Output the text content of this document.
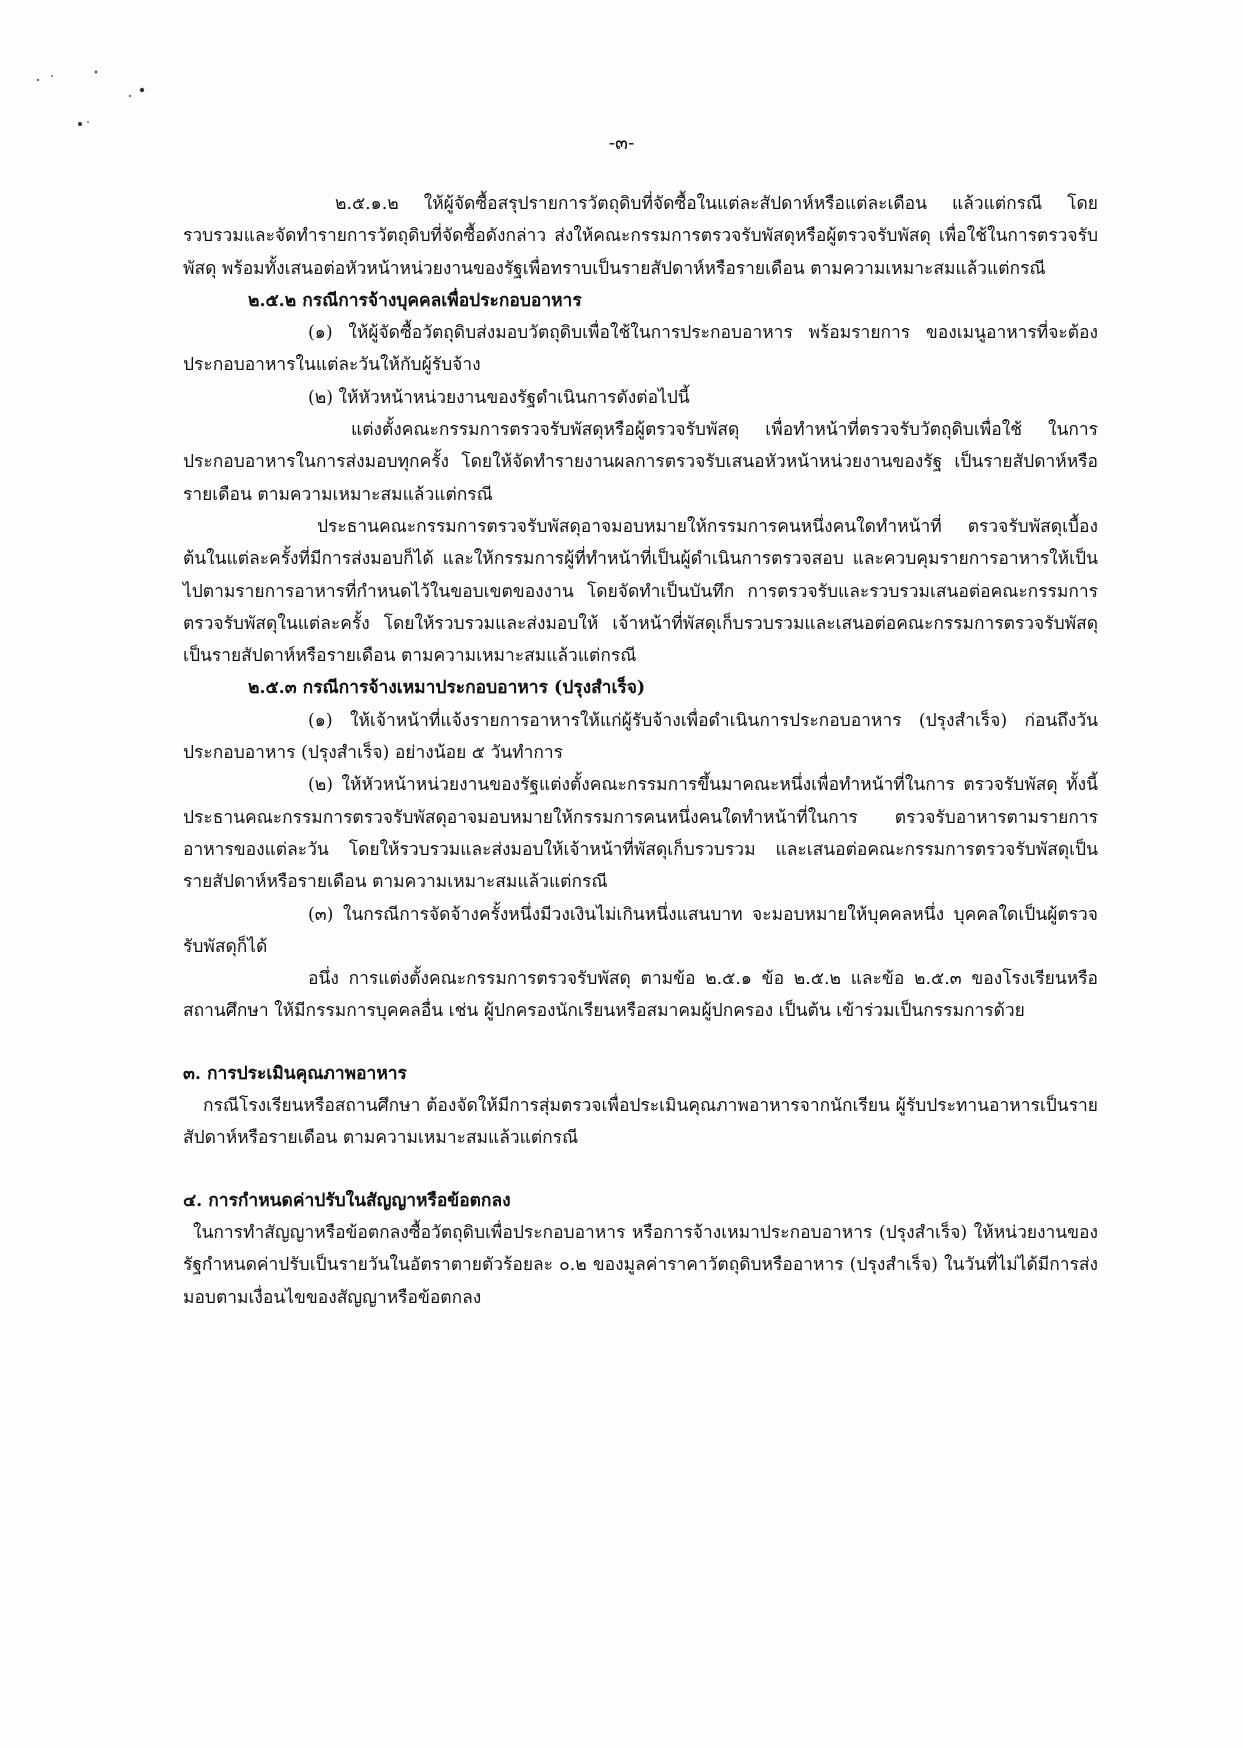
-๓-

๒.๕.๑.๒ ให้ผู้จัดซื้อสรุปรายการวัตถุดิบที่จัดซื้อในแต่ละสัปดาห์หรือแต่ละเดือน แล้วแต่กรณี โดยรวบรวมและจัดทำรายการวัตถุดิบที่จัดซื้อดังกล่าว ส่งให้คณะกรรมการตรวจรับพัสดุหรือผู้ตรวจรับพัสดุ เพื่อใช้ในการตรวจรับพัสดุ พร้อมทั้งเสนอต่อหัวหน้าหน่วยงานของรัฐเพื่อทราบเป็นรายสัปดาห์หรือรายเดือน ตามความเหมาะสมแล้วแต่กรณี

๒.๕.๒ กรณีการจ้างบุคคลเพื่อประกอบอาหาร

(๑) ให้ผู้จัดซื้อวัตถุดิบส่งมอบวัตถุดิบเพื่อใช้ในการประกอบอาหาร พร้อมรายการ ของเมนูอาหารที่จะต้องประกอบอาหารในแต่ละวันให้กับผู้รับจ้าง

(๒) ให้หัวหน้าหน่วยงานของรัฐดำเนินการดังต่อไปนี้

แต่งตั้งคณะกรรมการตรวจรับพัสดุหรือผู้ตรวจรับพัสดุ เพื่อทำหน้าที่ตรวจรับวัตถุดิบเพื่อใช้ ในการประกอบอาหารในการส่งมอบทุกครั้ง โดยให้จัดทำรายงานผลการตรวจรับเสนอหัวหน้าหน่วยงานของรัฐ เป็นรายสัปดาห์หรือรายเดือน ตามความเหมาะสมแล้วแต่กรณี

ประธานคณะกรรมการตรวจรับพัสดุอาจมอบหมายให้กรรมการคนหนึ่งคนใดทำหน้าที่ ตรวจรับพัสดุเบื้องต้นในแต่ละครั้งที่มีการส่งมอบก็ได้ และให้กรรมการผู้ที่ทำหน้าที่เป็นผู้ดำเนินการตรวจสอบ และควบคุมรายการอาหารให้เป็นไปตามรายการอาหารที่กำหนดไว้ในขอบเขตของงาน โดยจัดทำเป็นบันทึก การตรวจรับและรวบรวมเสนอต่อคณะกรรมการตรวจรับพัสดุในแต่ละครั้ง โดยให้รวบรวมและส่งมอบให้ เจ้าหน้าที่พัสดุเก็บรวบรวมและเสนอต่อคณะกรรมการตรวจรับพัสดุเป็นรายสัปดาห์หรือรายเดือน ตามความเหมาะสมแล้วแต่กรณี

๒.๕.๓ กรณีการจ้างเหมาประกอบอาหาร (ปรุงสำเร็จ)

(๑) ให้เจ้าหน้าที่แจ้งรายการอาหารให้แก่ผู้รับจ้างเพื่อดำเนินการประกอบอาหาร (ปรุงสำเร็จ) ก่อนถึงวันประกอบอาหาร (ปรุงสำเร็จ) อย่างน้อย ๕ วันทำการ

(๒) ให้หัวหน้าหน่วยงานของรัฐแต่งตั้งคณะกรรมการขึ้นมาคณะหนึ่งเพื่อทำหน้าที่ในการ ตรวจรับพัสดุ ทั้งนี้ ประธานคณะกรรมการตรวจรับพัสดุอาจมอบหมายให้กรรมการคนหนึ่งคนใดทำหน้าที่ในการ ตรวจรับอาหารตามรายการอาหารของแต่ละวัน โดยให้รวบรวมและส่งมอบให้เจ้าหน้าที่พัสดุเก็บรวบรวม และเสนอต่อคณะกรรมการตรวจรับพัสดุเป็นรายสัปดาห์หรือรายเดือน ตามความเหมาะสมแล้วแต่กรณี

(๓) ในกรณีการจัดจ้างครั้งหนึ่งมีวงเงินไม่เกินหนึ่งแสนบาท จะมอบหมายให้บุคคลหนึ่ง บุคคลใดเป็นผู้ตรวจรับพัสดุก็ได้

อนึ่ง การแต่งตั้งคณะกรรมการตรวจรับพัสดุ ตามข้อ ๒.๕.๑ ข้อ ๒.๕.๒ และข้อ ๒.๕.๓ ของโรงเรียนหรือสถานศึกษา ให้มีกรรมการบุคคลอื่น เช่น ผู้ปกครองนักเรียนหรือสมาคมผู้ปกครอง เป็นต้น เข้าร่วมเป็นกรรมการด้วย

๓. การประเมินคุณภาพอาหาร

กรณีโรงเรียนหรือสถานศึกษา ต้องจัดให้มีการสุ่มตรวจเพื่อประเมินคุณภาพอาหารจากนักเรียน ผู้รับประทานอาหารเป็นรายสัปดาห์หรือรายเดือน ตามความเหมาะสมแล้วแต่กรณี

๔. การกำหนดค่าปรับในสัญญาหรือข้อตกลง

ในการทำสัญญาหรือข้อตกลงซื้อวัตถุดิบเพื่อประกอบอาหาร หรือการจ้างเหมาประกอบอาหาร (ปรุงสำเร็จ) ให้หน่วยงานของรัฐกำหนดค่าปรับเป็นรายวันในอัตราตายตัวร้อยละ ๐.๒ ของมูลค่าราคาวัตถุดิบหรืออาหาร (ปรุงสำเร็จ) ในวันที่ไม่ได้มีการส่งมอบตามเงื่อนไขของสัญญาหรือข้อตกลง
